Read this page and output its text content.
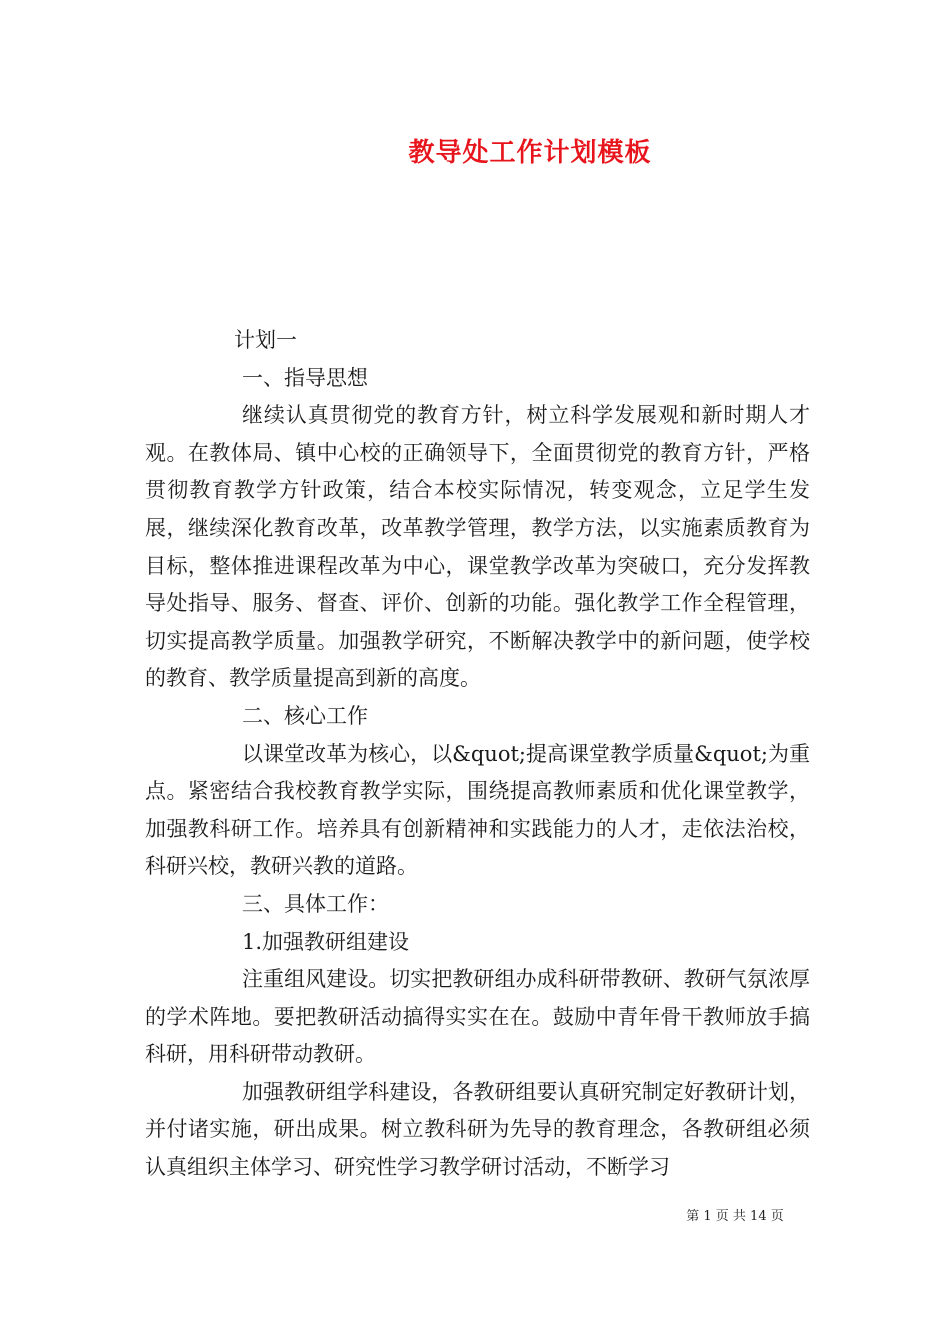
教导处工作计划模板

计划一

一、指导思想

继续认真贯彻党的教育方针，树立科学发展观和新时期人才观。在教体局、镇中心校的正确领导下，全面贯彻党的教育方针，严格贯彻教育教学方针政策，结合本校实际情况，转变观念，立足学生发展，继续深化教育改革，改革教学管理，教学方法，以实施素质教育为目标，整体推进课程改革为中心，课堂教学改革为突破口，充分发挥教导处指导、服务、督查、评价、创新的功能。强化教学工作全程管理，切实提高教学质量。加强教学研究，不断解决教学中的新问题，使学校的教育、教学质量提高到新的高度。

二、核心工作

以课堂改革为核心，以&quot;提高课堂教学质量&quot;为重点。紧密结合我校教育教学实际，围绕提高教师素质和优化课堂教学，加强教科研工作。培养具有创新精神和实践能力的人才，走依法治校，科研兴校，教研兴教的道路。

三、具体工作：

1.加强教研组建设

注重组风建设。切实把教研组办成科研带教研、教研气氛浓厚的学术阵地。要把教研活动搞得实实在在。鼓励中青年骨干教师放手搞科研，用科研带动教研。

加强教研组学科建设，各教研组要认真研究制定好教研计划，并付诸实施，研出成果。树立教科研为先导的教育理念，各教研组必须认真组织主体学习、研究性学习教学研讨活动，不断学习

第 1 页 共 14 页
